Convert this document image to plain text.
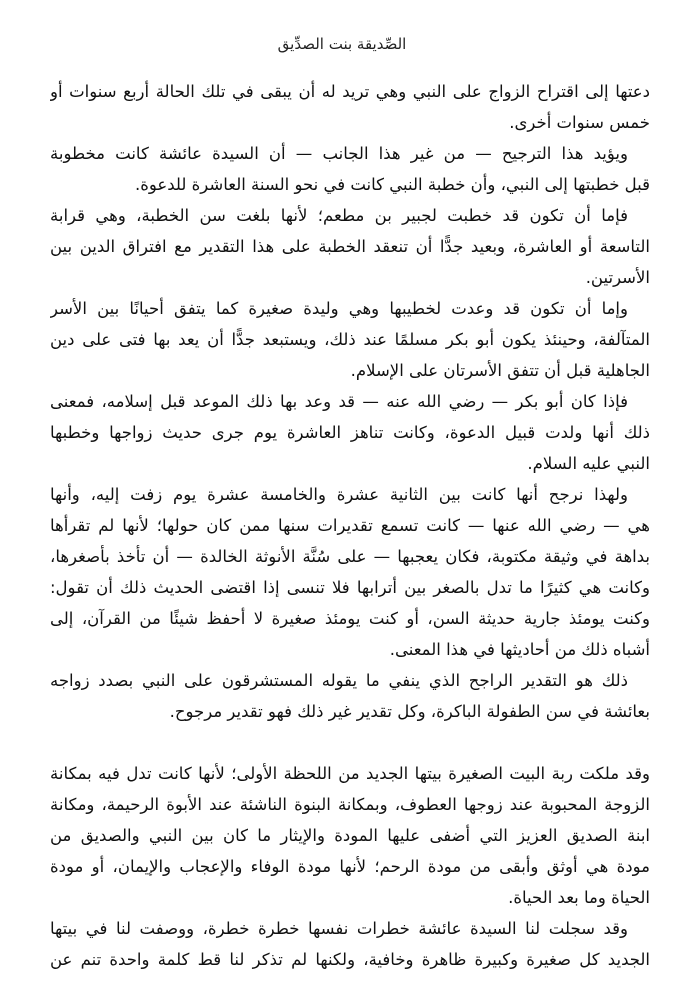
الصِّديقة بنت الصدِّيق
دعتها إلى اقتراح الزواج على النبي وهي تريد له أن يبقى في تلك الحالة أربع سنوات أو
خمس سنوات أخرى.
ويؤيد هذا الترجيح — من غير هذا الجانب — أن السيدة عائشة كانت مخطوبة
قبل خطبتها إلى النبي، وأن خطبة النبي كانت في نحو السنة العاشرة للدعوة.
فإما أن تكون قد خطبت لجبير بن مطعم؛ لأنها بلغت سن الخطبة، وهي قرابة
التاسعة أو العاشرة، وبعيد جدًّا أن تنعقد الخطبة على هذا التقدير مع افتراق الدين بين
الأسرتين.
وإما أن تكون قد وعدت لخطيبها وهي وليدة صغيرة كما يتفق أحيانًا بين الأسر
المتآلفة، وحينئذ يكون أبو بكر مسلمًا عند ذلك، ويستبعد جدًّا أن يعد بها فتى على دين
الجاهلية قبل أن تتفق الأسرتان على الإسلام.
فإذا كان أبو بكر — رضي الله عنه — قد وعد بها ذلك الموعد قبل إسلامه، فمعنى
ذلك أنها ولدت قبيل الدعوة، وكانت تناهز العاشرة يوم جرى حديث زواجها وخطبها
النبي عليه السلام.
ولهذا نرجح أنها كانت بين الثانية عشرة والخامسة عشرة يوم زفت إليه، وأنها
هي — رضي الله عنها — كانت تسمع تقديرات سنها ممن كان حولها؛ لأنها لم تقرأها
بداهة في وثيقة مكتوبة، فكان يعجبها — على سُنَّة الأنوثة الخالدة — أن تأخذ بأصغرها،
وكانت هي كثيرًا ما تدل بالصغر بين أترابها فلا تنسى إذا اقتضى الحديث ذلك أن تقول:
وكنت يومئذ جارية حديثة السن، أو كنت يومئذ صغيرة لا أحفظ شيئًا من القرآن، إلى
أشباه ذلك من أحاديثها في هذا المعنى.
ذلك هو التقدير الراجح الذي ينفي ما يقوله المستشرقون على النبي بصدد زواجه
بعائشة في سن الطفولة الباكرة، وكل تقدير غير ذلك فهو تقدير مرجوح.
وقد ملكت ربة البيت الصغيرة بيتها الجديد من اللحظة الأولى؛ لأنها كانت تدل فيه بمكانة
الزوجة المحبوبة عند زوجها العطوف، وبمكانة البنوة الناشئة عند الأبوة الرحيمة، ومكانة
ابنة الصديق العزيز التي أضفى عليها المودة والإيثار ما كان بين النبي والصديق من
مودة هي أوثق وأبقى من مودة الرحم؛ لأنها مودة الوفاء والإعجاب والإيمان، أو مودة
الحياة وما بعد الحياة.
وقد سجلت لنا السيدة عائشة خطرات نفسها خطرة خطرة، ووصفت لنا في بيتها
الجديد كل صغيرة وكبيرة ظاهرة وخافية، ولكنها لم تذكر لنا قط كلمة واحدة تنم عن
